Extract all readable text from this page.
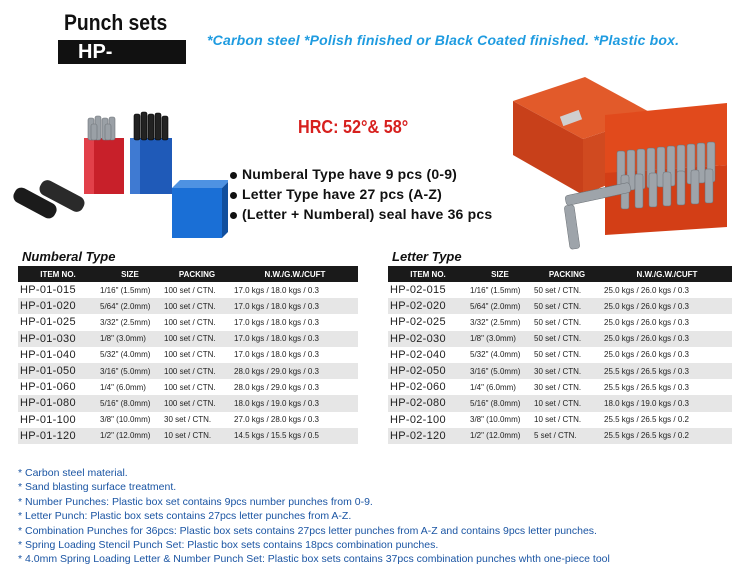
Punch sets
HP-
*Carbon steel *Polish finished or Black Coated finished. *Plastic box.
HRC: 52°& 58°
Numberal Type have 9 pcs (0-9)
Letter Type have 27 pcs (A-Z)
(Letter + Numberal) seal have 36 pcs
Numberal Type
ITEM NO.	SIZE	PACKING	N.W./G.W./CUFT
HP-01-015	1/16" (1.5mm)	100 set / CTN.	17.0 kgs / 18.0 kgs / 0.3
HP-01-020	5/64" (2.0mm)	100 set / CTN.	17.0 kgs / 18.0 kgs / 0.3
HP-01-025	3/32" (2.5mm)	100 set / CTN.	17.0 kgs / 18.0 kgs / 0.3
HP-01-030	1/8" (3.0mm)	100 set / CTN.	17.0 kgs / 18.0 kgs / 0.3
HP-01-040	5/32" (4.0mm)	100 set / CTN.	17.0 kgs / 18.0 kgs / 0.3
HP-01-050	3/16" (5.0mm)	100 set / CTN.	28.0 kgs / 29.0 kgs / 0.3
HP-01-060	1/4" (6.0mm)	100 set / CTN.	28.0 kgs / 29.0 kgs / 0.3
HP-01-080	5/16" (8.0mm)	100 set / CTN.	18.0 kgs / 19.0 kgs / 0.3
HP-01-100	3/8" (10.0mm)	30 set / CTN.	27.0 kgs / 28.0 kgs / 0.3
HP-01-120	1/2" (12.0mm)	10 set / CTN.	14.5 kgs / 15.5 kgs / 0.5
Letter Type
ITEM NO.	SIZE	PACKING	N.W./G.W./CUFT
HP-02-015	1/16" (1.5mm)	50 set / CTN.	25.0 kgs / 26.0 kgs / 0.3
HP-02-020	5/64" (2.0mm)	50 set / CTN.	25.0 kgs / 26.0 kgs / 0.3
HP-02-025	3/32" (2.5mm)	50 set / CTN.	25.0 kgs / 26.0 kgs / 0.3
HP-02-030	1/8" (3.0mm)	50 set / CTN.	25.0 kgs / 26.0 kgs / 0.3
HP-02-040	5/32" (4.0mm)	50 set / CTN.	25.0 kgs / 26.0 kgs / 0.3
HP-02-050	3/16" (5.0mm)	30 set / CTN.	25.5 kgs / 26.5 kgs / 0.3
HP-02-060	1/4" (6.0mm)	30 set / CTN.	25.5 kgs / 26.5 kgs / 0.3
HP-02-080	5/16" (8.0mm)	10 set / CTN.	18.0 kgs / 19.0 kgs / 0.3
HP-02-100	3/8" (10.0mm)	10 set / CTN.	25.5 kgs / 26.5 kgs / 0.2
HP-02-120	1/2" (12.0mm)	5 set / CTN.	25.5 kgs / 26.5 kgs / 0.2
* Carbon steel material.
* Sand blasting surface treatment.
* Number Punches: Plastic box set contains 9pcs number punches from 0-9.
* Letter Punch: Plastic box sets contains 27pcs letter punches from A-Z.
* Combination Punches for 36pcs: Plastic box sets contains 27pcs letter punches from A-Z and contains 9pcs letter punches.
* Spring Loading Stencil Punch Set: Plastic box sets contains 18pcs combination punches.
* 4.0mm Spring Loading Letter & Number Punch Set: Plastic box sets contains 37pcs combination punches whth one-piece tool
